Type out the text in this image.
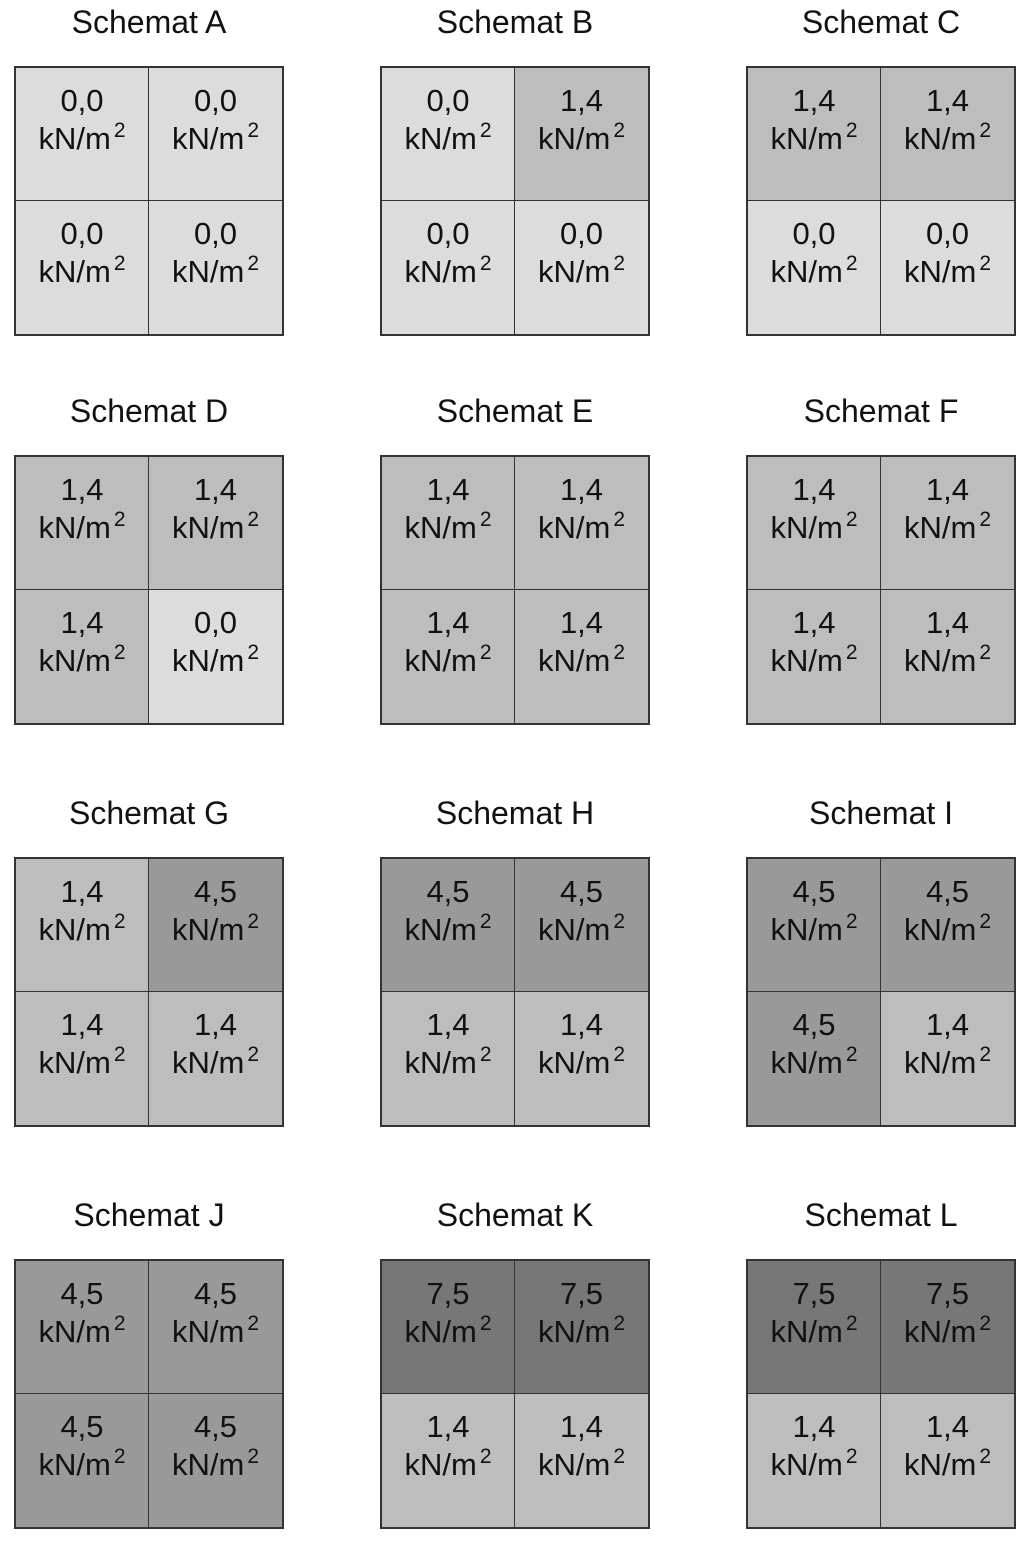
Schemat A
0,0
kN/m $^2$
0,0
kN/m $^2$
0,0
kN/m $^2$
0,0
kN/m $^2$
Schemat B
0,0
kN/m $^2$
1,4
kN/m $^2$
0,0
kN/m $^2$
0,0
kN/m $^2$
Schemat C
1,4
kN/m $^2$
1,4
kN/m $^2$
0,0
kN/m $^2$
0,0
kN/m $^2$
Schemat D
1,4
kN/m $^2$
1,4
kN/m $^2$
1,4
kN/m $^2$
0,0
kN/m $^2$
Schemat E
1,4
kN/m $^2$
1,4
kN/m $^2$
1,4
kN/m $^2$
1,4
kN/m $^2$
Schemat F
1,4
kN/m $^2$
1,4
kN/m $^2$
1,4
kN/m $^2$
1,4
kN/m $^2$
Schemat G
1,4
kN/m $^2$
4,5
kN/m $^2$
1,4
kN/m $^2$
1,4
kN/m $^2$
Schemat H
4,5
kN/m $^2$
4,5
kN/m $^2$
1,4
kN/m $^2$
1,4
kN/m $^2$
Schemat I
4,5
kN/m $^2$
4,5
kN/m $^2$
4,5
kN/m $^2$
1,4
kN/m $^2$
Schemat J
4,5
kN/m $^2$
4,5
kN/m $^2$
4,5
kN/m $^2$
4,5
kN/m $^2$
Schemat K
7,5
kN/m $^2$
7,5
kN/m $^2$
1,4
kN/m $^2$
1,4
kN/m $^2$
Schemat L
7,5
kN/m $^2$
7,5
kN/m $^2$
1,4
kN/m $^2$
1,4
kN/m $^2$
